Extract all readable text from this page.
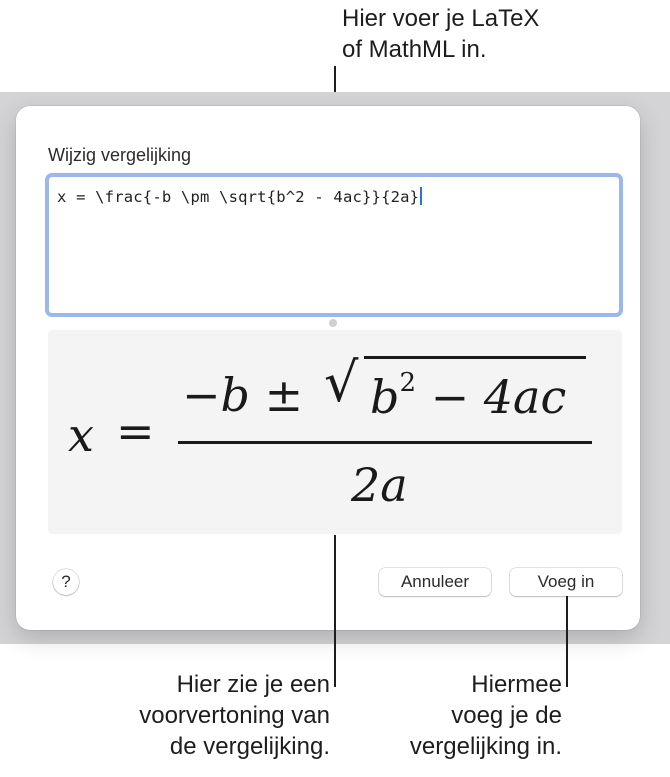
Hier voer je LaTeX
of MathML in.
Wijzig vergelijking
x = \frac{-b \pm \sqrt{b^2 - 4ac}}{2a}
x =
−b ± √ $b^2 - 4ac$
2a
?	Annuleer	Voeg in
Hier zie je een
voorvertoning van
de vergelijking.
Hiermee
voeg je de
vergelijking in.
